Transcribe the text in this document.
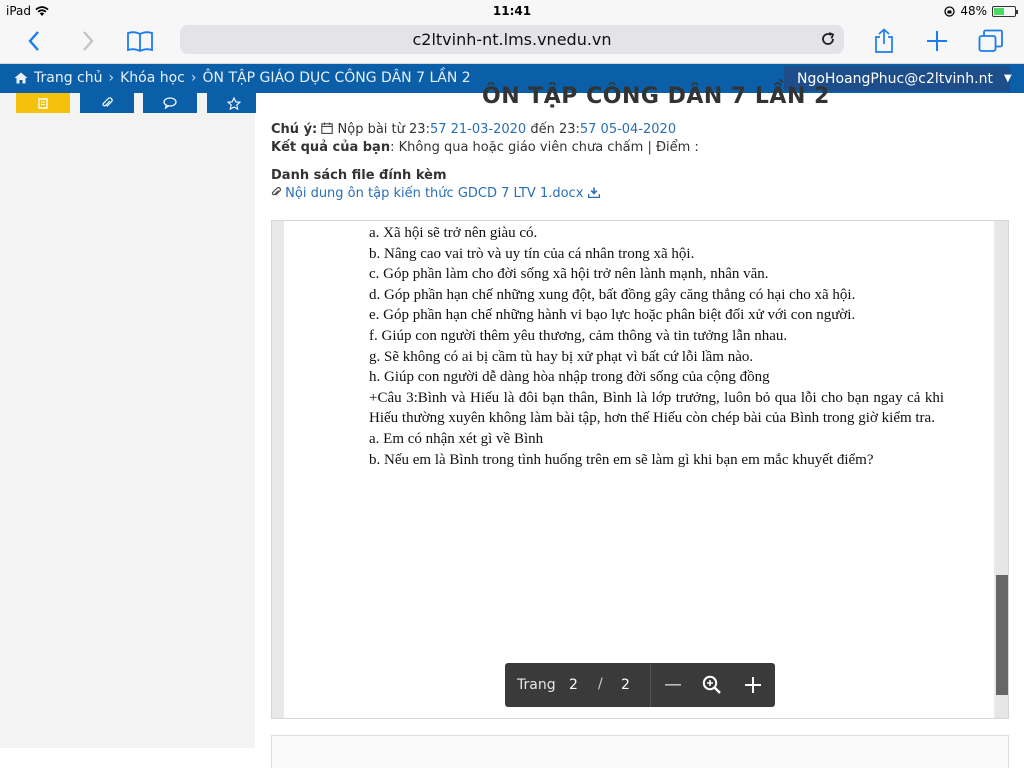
iPad	11:41	48%
c2ltvinh-nt.lms.vnedu.vn
Trang chủ › Khóa học › ÔN TẬP GIÁO DỤC CÔNG DÂN 7 LẦN 2	NgoHoangPhuc@c2ltvinh.nt ▼
ÔN TẬP CÔNG DÂN 7 LẦN 2
Chú ý: Nộp bài từ 23:57 21-03-2020 đến 23:57 05-04-2020
Kết quả của bạn: Không qua hoặc giáo viên chưa chấm | Điểm :
Danh sách file đính kèm
Nội dung ôn tập kiến thức GDCD 7 LTV 1.docx
a. Xã hội sẽ trở nên giàu có.
b. Nâng cao vai trò và uy tín của cá nhân trong xã hội.
c. Góp phần làm cho đời sống xã hội trở nên lành mạnh, nhân văn.
d. Góp phần hạn chế những xung đột, bất đồng gây căng thẳng có hại cho xã hội.
e. Góp phần hạn chế những hành vi bạo lực hoặc phân biệt đối xử với con người.
f. Giúp con người thêm yêu thương, cảm thông và tin tưởng lẫn nhau.
g. Sẽ không có ai bị cầm tù hay bị xử phạt vì bất cứ lỗi lầm nào.
h. Giúp con người dễ dàng hòa nhập trong đời sống của cộng đồng
+Câu 3:Bình và Hiếu là đôi bạn thân, Bình là lớp trưởng, luôn bỏ qua lỗi cho bạn ngay cả khi Hiếu thường xuyên không làm bài tập, hơn thế Hiếu còn chép bài của Bình trong giờ kiểm tra.
a. Em có nhận xét gì về Bình
b. Nếu em là Bình trong tình huống trên em sẽ làm gì khi bạn em mắc khuyết điểm?
Trang 2 / 2
